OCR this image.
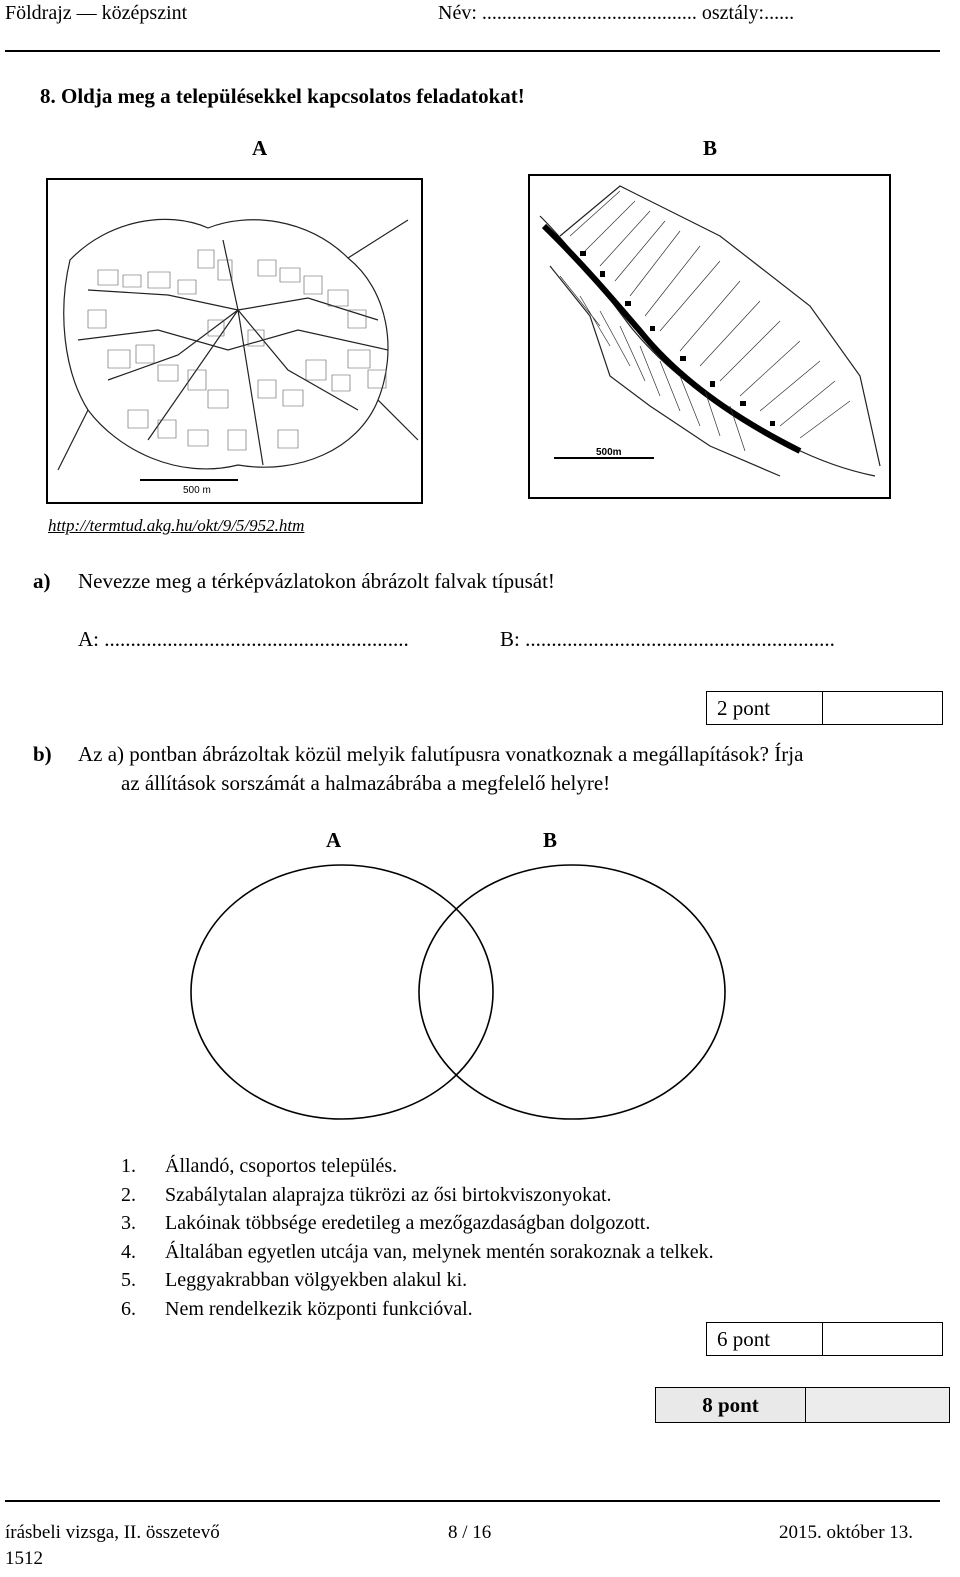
Földrajz — középszint	Név: ........................................... osztály:......
8. Oldja meg a településekkel kapcsolatos feladatokat!
A	B
500 m
500m
http://termtud.akg.hu/okt/9/5/952.htm
a) Nevezze meg a térképvázlatokon ábrázolt falvak típusát!
A: ..........................................................	B: ...........................................................
2 pont
b) Az a) pontban ábrázoltak közül melyik falutípusra vonatkoznak a megállapítások? Írja
az állítások sorszámát a halmazábrába a megfelelő helyre!
A	B
1. Állandó, csoportos település.
2. Szabálytalan alaprajza tükrözi az ősi birtokviszonyokat.
3. Lakóinak többsége eredetileg a mezőgazdaságban dolgozott.
4. Általában egyetlen utcája van, melynek mentén sorakoznak a telkek.
5. Leggyakrabban völgyekben alakul ki.
6. Nem rendelkezik központi funkcióval.
6 pont
8 pont
írásbeli vizsga, II. összetevő
1512
8 / 16	2015. október 13.
